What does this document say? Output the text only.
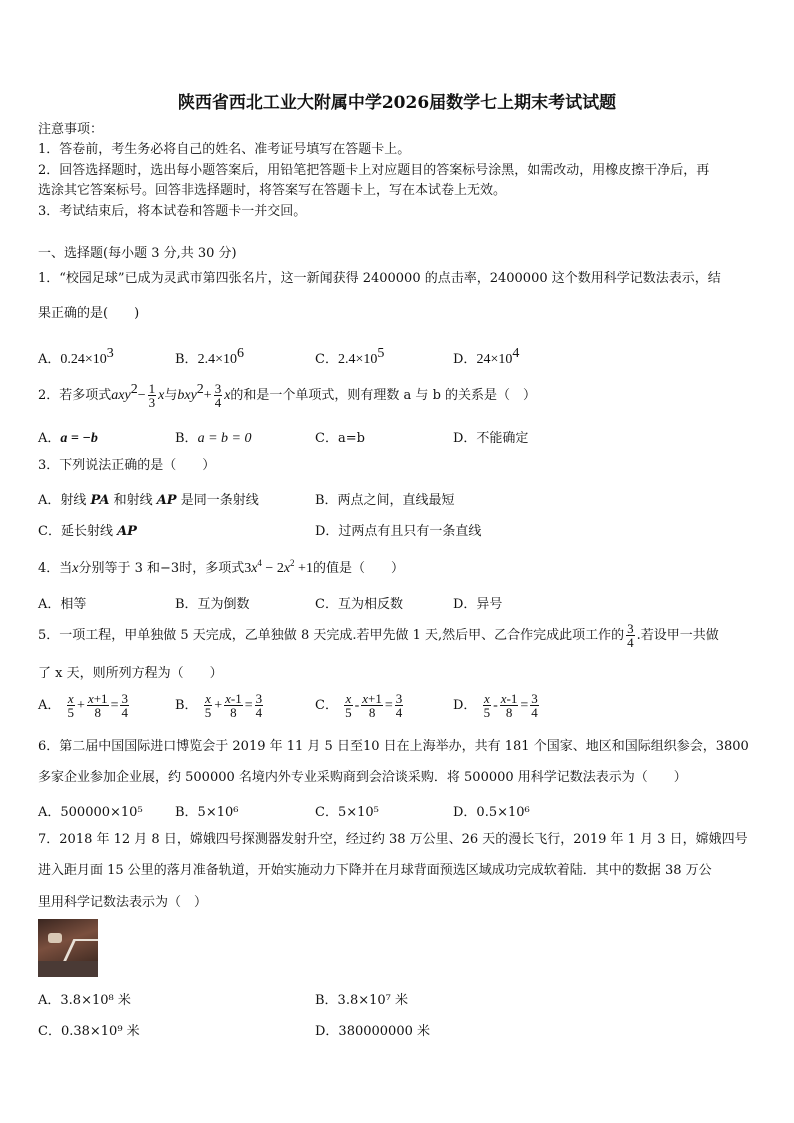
陕西省西北工业大附属中学2026届数学七上期末考试试题
注意事项：
1．答卷前，考生务必将自己的姓名、准考证号填写在答题卡上。
2．回答选择题时，选出每小题答案后，用铅笔把答题卡上对应题目的答案标号涂黑，如需改动，用橡皮擦干净后，再
选涂其它答案标号。回答非选择题时，将答案写在答题卡上，写在本试卷上无效。
3．考试结束后，将本试卷和答题卡一并交回。
一、选择题(每小题 3 分,共 30 分)
1．“校园足球”已成为灵武市第四张名片，这一新闻获得 2400000 的点击率，2400000 这个数用科学记数法表示，结
果正确的是(　　)
A．$0.24\times 10^3$	B．$2.4\times 10^6$	C．$2.4\times 10^5$	D．$24\times 10^4$
2．若多项式$axy^2- \frac{1}{3}$ x与$bxy^2+ \frac{3}{4}$ x的和是一个单项式，则有理数 a 与 b 的关系是（　）
A．a = −b	B．a = b = 0	C．a=b	D．不能确定
3．下列说法正确的是（　　）
A．射线 PA 和射线 AP 是同一条射线	B．两点之间，直线最短
C．延长射线 AP	D．过两点有且只有一条直线
4．当x分别等于 3 和−3时，多项式$3x^4 - 2x^2 +1$的值是（　　）
A．相等	B．互为倒数	C．互为相反数	D．异号
5．一项工程，甲单独做 5 天完成，乙单独做 8 天完成.若甲先做 1 天,然后甲、乙合作完成此项工作的 $\frac{3}{4}$ .若设甲一共做
了 x 天，则所列方程为（　　）
A． $\frac{x}{5} + \frac{x+1}{8} = \frac{3}{4}$	B． $\frac{x}{5} + \frac{x-1}{8} = \frac{3}{4}$	C． $\frac{x}{5} - \frac{x+1}{8} = \frac{3}{4}$	D． $\frac{x}{5} - \frac{x-1}{8} = \frac{3}{4}$
6．第二届中国国际进口博览会于 2019 年 11 月 5 日至10 日在上海举办，共有 181 个国家、地区和国际组织参会，3800
多家企业参加企业展，约 500000 名境内外专业采购商到会洽谈采购．将 500000 用科学记数法表示为（　　）
A．500000×10⁵ B．5×10⁶	C．5×10⁵	D．0.5×10⁶
7．2018 年 12 月 8 日，嫦娥四号探测器发射升空，经过约 38 万公里、26 天的漫长飞行，2019 年 1 月 3 日，嫦娥四号
进入距月面 15 公里的落月准备轨道，开始实施动力下降并在月球背面预选区域成功完成软着陆．其中的数据 38 万公
里用科学记数法表示为（　）
A．3.8×10⁸ 米	B．3.8×10⁷ 米
C．0.38×10⁹ 米	D．380000000 米
